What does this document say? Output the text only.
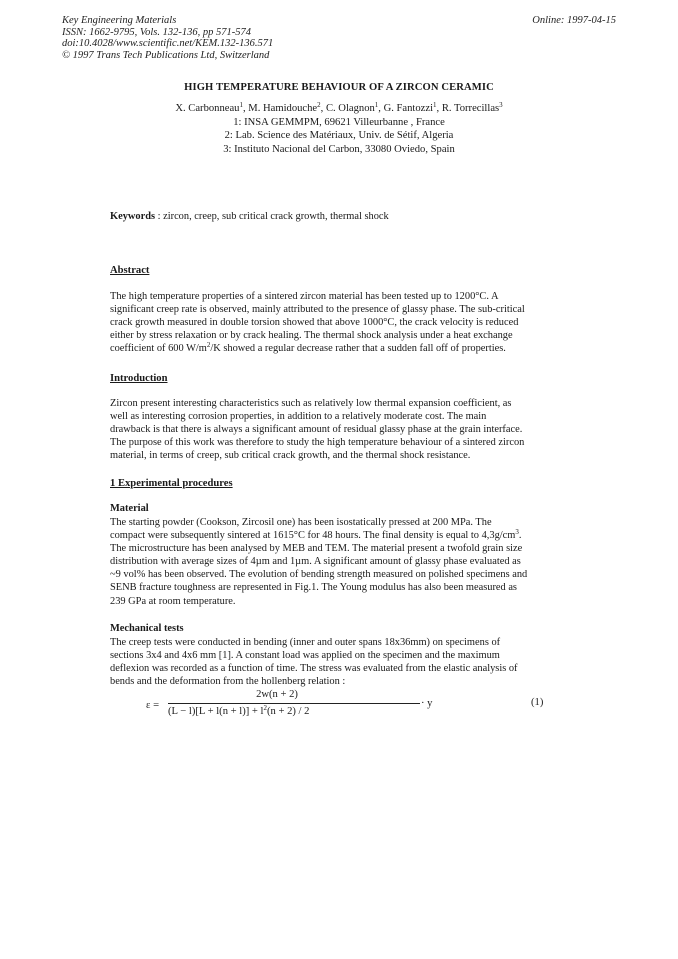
Key Engineering Materials
ISSN: 1662-9795, Vols. 132-136, pp 571-574
doi:10.4028/www.scientific.net/KEM.132-136.571
© 1997 Trans Tech Publications Ltd, Switzerland
Online: 1997-04-15
HIGH TEMPERATURE BEHAVIOUR OF A ZIRCON CERAMIC
X. Carbonneau$^1$, M. Hamidouche$^2$, C. Olagnon$^1$, G. Fantozzi$^1$, R. Torrecillas$^3$
1: INSA GEMMPM, 69621 Villeurbanne , France
2: Lab. Science des Matériaux, Univ. de Sétif, Algeria
3: Instituto Nacional del Carbon, 33080 Oviedo, Spain
Keywords : zircon, creep, sub critical crack growth, thermal shock
Abstract
The high temperature properties of a sintered zircon material has been tested up to 1200°C. A
significant creep rate is observed, mainly attributed to the presence of glassy phase. The sub-critical
crack growth measured in double torsion showed that above 1000°C, the crack velocity is reduced
either by stress relaxation or by crack healing. The thermal shock analysis under a heat exchange
coefficient of 600 $W/m^2/K$ showed a regular decrease rather that a sudden fall off of properties.
Introduction
Zircon present interesting characteristics such as relatively low thermal expansion coefficient, as
well as interesting corrosion properties, in addition to a relatively moderate cost. The main
drawback is that there is always a significant amount of residual glassy phase at the grain interface.
The purpose of this work was therefore to study the high temperature behaviour of a sintered zircon
material, in terms of creep, sub critical crack growth, and the thermal shock resistance.
1 Experimental procedures
Material
The starting powder (Cookson, Zircosil one) has been isostatically pressed at 200 MPa. The
compact were subsequently sintered at 1615°C for 48 hours. The final density is equal to $4,3g/cm^3$.
The microstructure has been analysed by MEB and TEM. The material present a twofold grain size
distribution with average sizes of 4µm and 1µm. A significant amount of glassy phase evaluated as
~9 vol% has been observed. The evolution of bending strength measured on polished specimens and
SENB fracture toughness are represented in Fig.1. The Young modulus has also been measured as
239 GPa at room temperature.
Mechanical tests
The creep tests were conducted in bending (inner and outer spans 18x36mm) on specimens of
sections 3x4 and 4x6 mm [1]. A constant load was applied on the specimen and the maximum
deflexion was recorded as a function of time. The stress was evaluated from the elastic analysis of
bends and the deformation from the hollenberg relation :
ε =
2w(n + 2)
$(L - l)[L + l(n + l)] + l^2(n + 2) / 2$
· y	(1)
